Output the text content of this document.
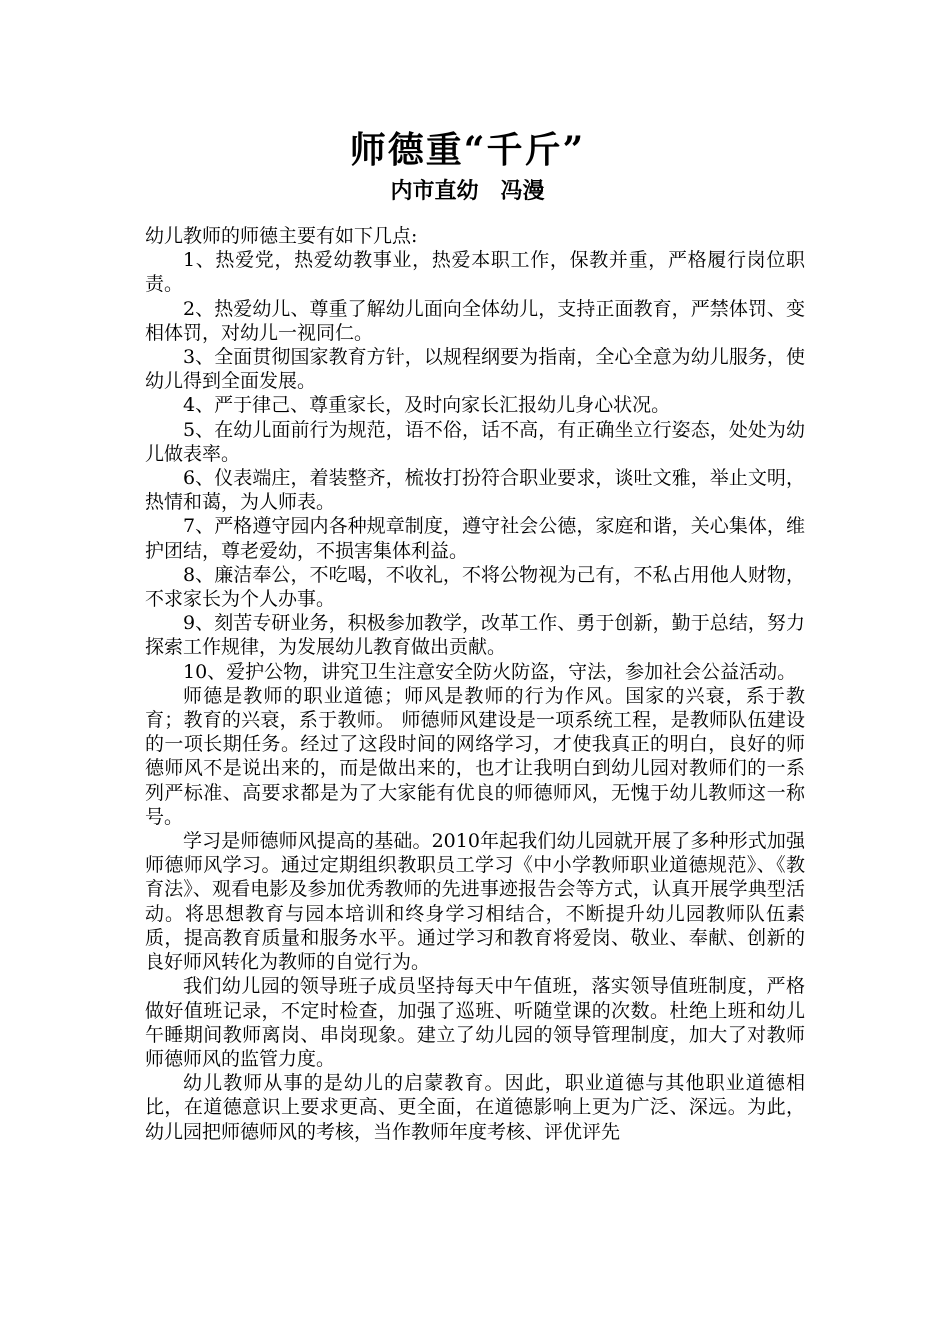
师德重“千斤”
内市直幼　冯漫

幼儿教师的师德主要有如下几点:

1、热爱党，热爱幼教事业，热爱本职工作，保教并重，严格履行岗位职责。

2、热爱幼儿、尊重了解幼儿面向全体幼儿，支持正面教育，严禁体罚、变相体罚，对幼儿一视同仁。

3、全面贯彻国家教育方针，以规程纲要为指南，全心全意为幼儿服务，使幼儿得到全面发展。

4、严于律己、尊重家长，及时向家长汇报幼儿身心状况。

5、在幼儿面前行为规范，语不俗，话不高，有正确坐立行姿态，处处为幼儿做表率。

6、仪表端庄，着装整齐，梳妆打扮符合职业要求，谈吐文雅，举止文明，热情和蔼，为人师表。

7、严格遵守园内各种规章制度，遵守社会公德，家庭和谐，关心集体，维护团结，尊老爱幼，不损害集体利益。

8、廉洁奉公，不吃喝，不收礼，不将公物视为己有，不私占用他人财物，不求家长为个人办事。

9、刻苦专研业务，积极参加教学，改革工作、勇于创新，勤于总结，努力探索工作规律，为发展幼儿教育做出贡献。

10、爱护公物，讲究卫生注意安全防火防盗，守法，参加社会公益活动。

师德是教师的职业道德；师风是教师的行为作风。国家的兴衰，系于教育；教育的兴衰，系于教师。 师德师风建设是一项系统工程，是教师队伍建设的一项长期任务。经过了这段时间的网络学习，才使我真正的明白，良好的师德师风不是说出来的，而是做出来的，也才让我明白到幼儿园对教师们的一系列严标准、高要求都是为了大家能有优良的师德师风，无愧于幼儿教师这一称号。

学习是师德师风提高的基础。2010年起我们幼儿园就开展了多种形式加强师德师风学习。通过定期组织教职员工学习《中小学教师职业道德规范》、《教育法》、观看电影及参加优秀教师的先进事迹报告会等方式，认真开展学典型活动。将思想教育与园本培训和终身学习相结合，不断提升幼儿园教师队伍素质，提高教育质量和服务水平。通过学习和教育将爱岗、敬业、奉献、创新的良好师风转化为教师的自觉行为。

我们幼儿园的领导班子成员坚持每天中午值班，落实领导值班制度，严格做好值班记录，不定时检查，加强了巡班、听随堂课的次数。杜绝上班和幼儿午睡期间教师离岗、串岗现象。建立了幼儿园的领导管理制度，加大了对教师师德师风的监管力度。

幼儿教师从事的是幼儿的启蒙教育。因此，职业道德与其他职业道德相比，在道德意识上要求更高、更全面，在道德影响上更为广泛、深远。为此，幼儿园把师德师风的考核，当作教师年度考核、评优评先
